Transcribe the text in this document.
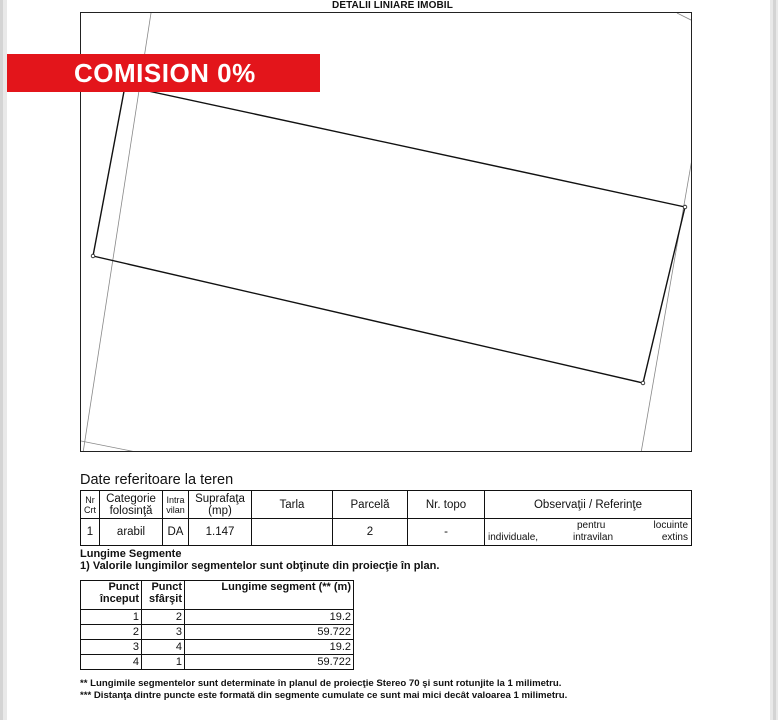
DETALII LINIARE IMOBIL
COMISION 0%
Date referitoare la teren
Nr Crt	Categorie folosinţă	Intra vilan	Suprafaţa (mp)	Tarla	Parcelă	Nr. topo	Observaţii / Referinţe
1	arabil	DA	1.147		2	-	individuale,
pentru
intravilan
locuinte
extins
Lungime Segmente
1) Valorile lungimilor segmentelor sunt obţinute din proiecţie în plan.
Punct început	Punct sfârşit	Lungime segment (** (m)
1	2	19.2
2	3	59.722
3	4	19.2
4	1	59.722
** Lungimile segmentelor sunt determinate în planul de proiecţie Stereo 70 şi sunt rotunjite la 1 milimetru.
*** Distanţa dintre puncte este formată din segmente cumulate ce sunt mai mici decât valoarea 1 milimetru.
